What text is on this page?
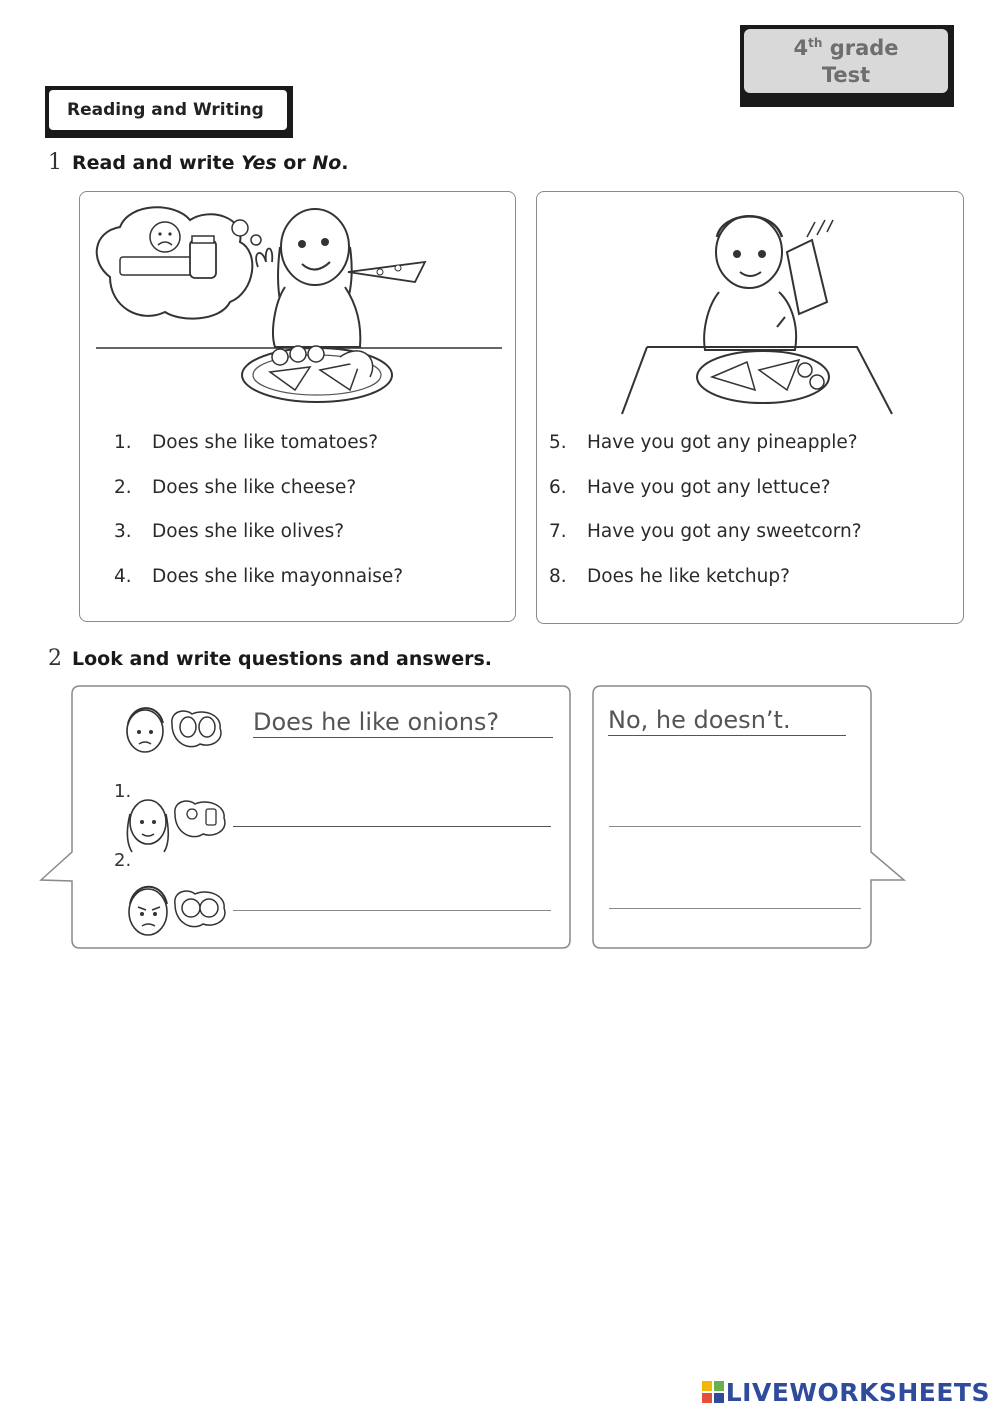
4th grade
Test
Reading and Writing
1 Read and write Yes or No.
1. Does she like tomatoes?
2. Does she like cheese?
3. Does she like olives?
4. Does she like mayonnaise?
5. Have you got any pineapple?
6. Have you got any lettuce?
7. Have you got any sweetcorn?
8. Does he like ketchup?
2 Look and write questions and answers.
1.
2.
Does he like onions?	No, he doesn’t.
LIVEWORKSHEETS
